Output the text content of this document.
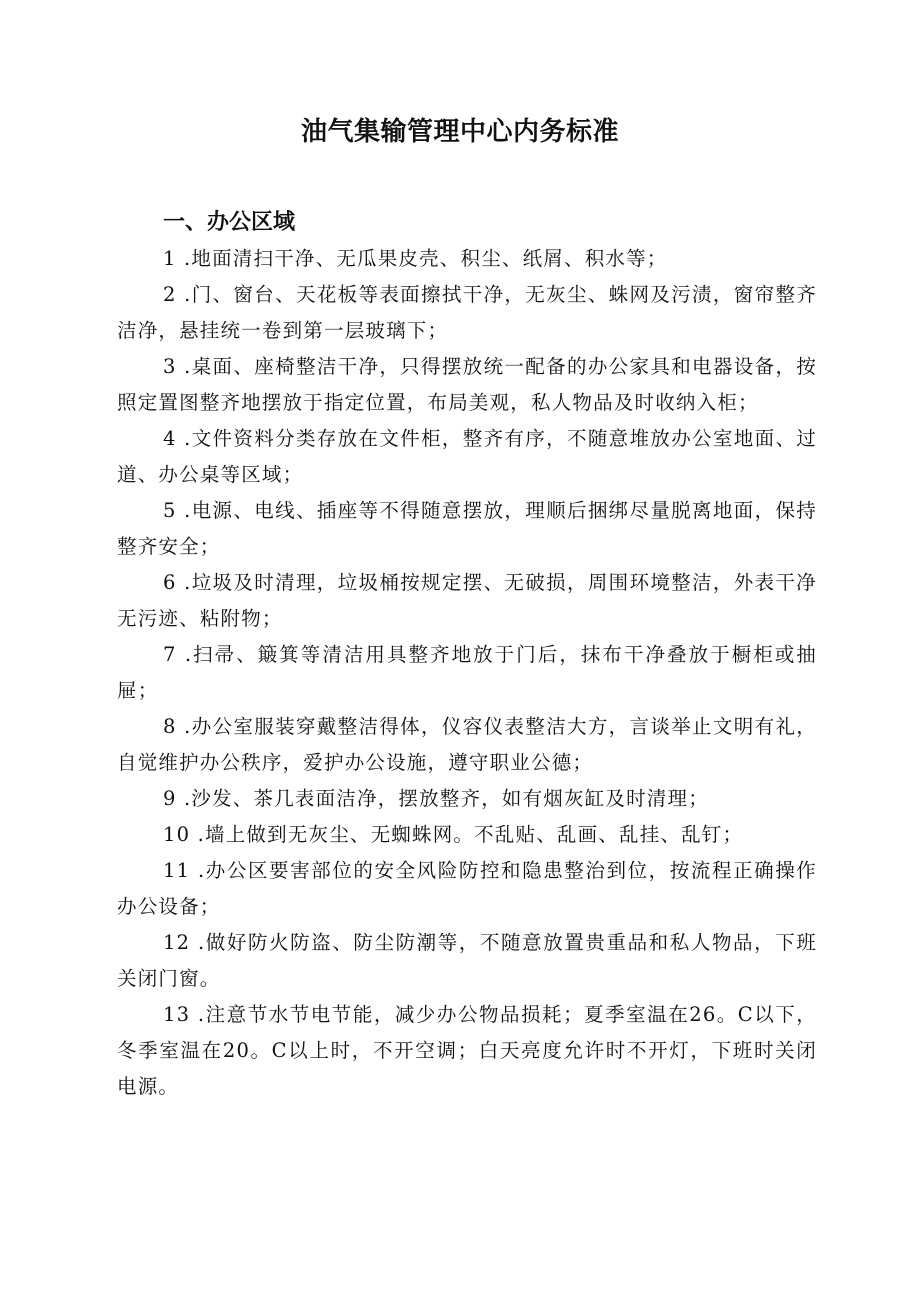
油气集输管理中心内务标准
一、办公区域

1 .地面清扫干净、无瓜果皮壳、积尘、纸屑、积水等；

2 .门、窗台、天花板等表面擦拭干净，无灰尘、蛛网及污渍，窗帘整齐洁净，悬挂统一卷到第一层玻璃下；

3 .桌面、座椅整洁干净，只得摆放统一配备的办公家具和电器设备，按照定置图整齐地摆放于指定位置，布局美观，私人物品及时收纳入柜；

4 .文件资料分类存放在文件柜，整齐有序，不随意堆放办公室地面、过道、办公桌等区域；

5 .电源、电线、插座等不得随意摆放，理顺后捆绑尽量脱离地面，保持整齐安全；

6 .垃圾及时清理，垃圾桶按规定摆、无破损，周围环境整洁，外表干净无污迹、粘附物；

7 .扫帚、簸箕等清洁用具整齐地放于门后，抹布干净叠放于橱柜或抽屉；

8 .办公室服装穿戴整洁得体，仪容仪表整洁大方，言谈举止文明有礼，自觉维护办公秩序，爱护办公设施，遵守职业公德；

9 .沙发、茶几表面洁净，摆放整齐，如有烟灰缸及时清理；

10 .墙上做到无灰尘、无蜘蛛网。不乱贴、乱画、乱挂、乱钉；

11 .办公区要害部位的安全风险防控和隐患整治到位，按流程正确操作办公设备；

12 .做好防火防盗、防尘防潮等，不随意放置贵重品和私人物品，下班关闭门窗。

13 .注意节水节电节能，减少办公物品损耗；夏季室温在26。C以下，冬季室温在20。C以上时，不开空调；白天亮度允许时不开灯，下班时关闭电源。
